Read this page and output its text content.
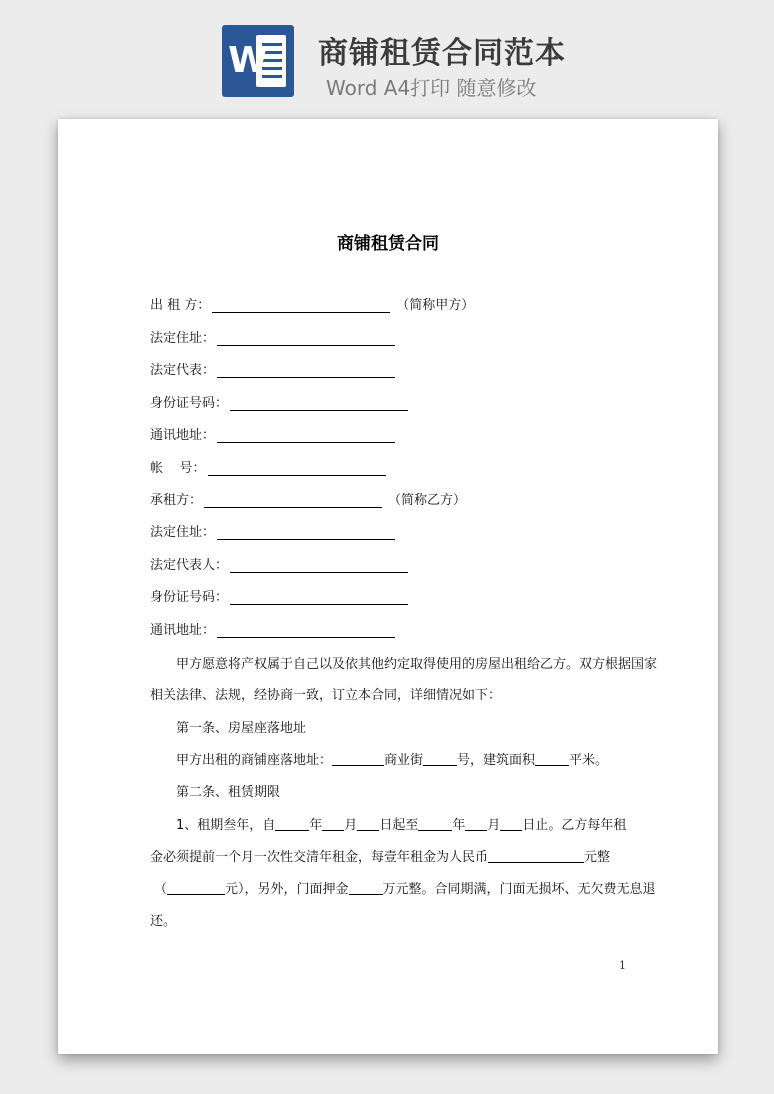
W 商铺租赁合同范本
Word A4打印 随意修改
商铺租赁合同
出 租 方：	（简称甲方）
法定住址：
法定代表：
身份证号码：
通讯地址：
帐    号：
承租方：	（简称乙方）
法定住址：
法定代表人：
身份证号码：
通讯地址：
甲方愿意将产权属于自己以及依其他约定取得使用的房屋出租给乙方。双方根据国家
相关法律、法规，经协商一致，订立本合同，详细情况如下：
第一条、房屋座落地址
甲方出租的商铺座落地址：	商业街	号，建筑面积	平米。
第二条、租赁期限
1、租期叁年，自	年 月 日起至	年 月 日止。乙方每年租
金必须提前一个月一次性交清年租金，每壹年租金为人民币	元整
（	元），另外，门面押金	万元整。合同期满，门面无损坏、无欠费无息退
还。
1
